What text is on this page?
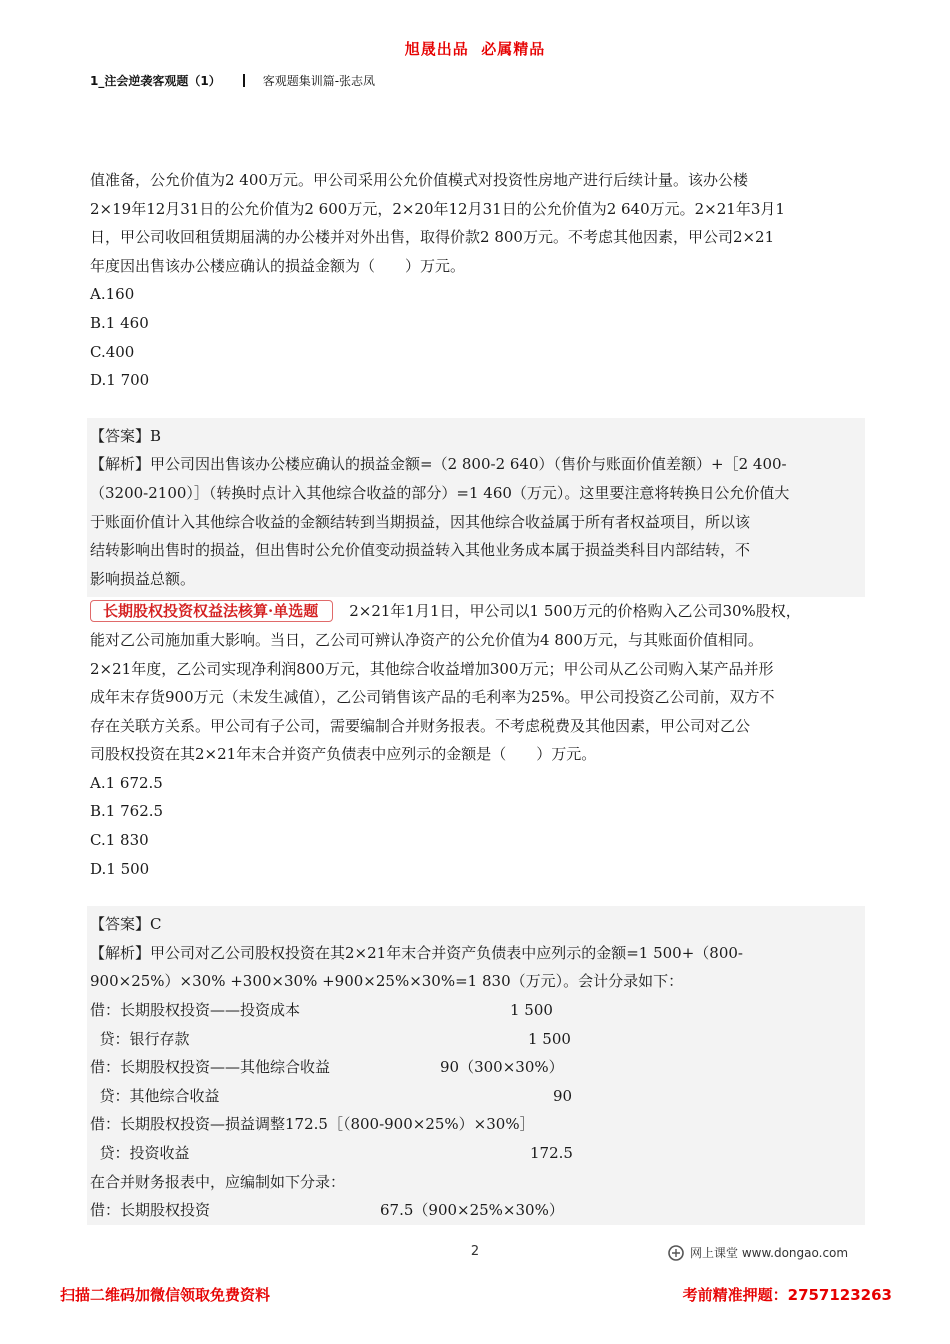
旭晟出品  必属精品
1_注会逆袭客观题（1）	客观题集训篇-张志凤

值准备，公允价值为2 400万元。甲公司采用公允价值模式对投资性房地产进行后续计量。该办公楼

2×19年12月31日的公允价值为2 600万元，2×20年12月31日的公允价值为2 640万元。2×21年3月1

日，甲公司收回租赁期届满的办公楼并对外出售，取得价款2 800万元。不考虑其他因素，甲公司2×21

年度因出售该办公楼应确认的损益金额为（　　）万元。

A.160

B.1 460

C.400

D.1 700

【答案】B

【解析】甲公司因出售该办公楼应确认的损益金额=（2 800-2 640）（售价与账面价值差额）+［2 400-

（3200-2100）］（转换时点计入其他综合收益的部分）=1 460（万元）。这里要注意将转换日公允价值大

于账面价值计入其他综合收益的金额结转到当期损益，因其他综合收益属于所有者权益项目，所以该

结转影响出售时的损益，但出售时公允价值变动损益转入其他业务成本属于损益类科目内部结转，不

影响损益总额。

长期股权投资权益法核算·单选题 2×21年1月1日，甲公司以1 500万元的价格购入乙公司30%股权，

能对乙公司施加重大影响。当日，乙公司可辨认净资产的公允价值为4 800万元，与其账面价值相同。

2×21年度，乙公司实现净利润800万元，其他综合收益增加300万元；甲公司从乙公司购入某产品并形

成年末存货900万元（未发生减值），乙公司销售该产品的毛利率为25%。甲公司投资乙公司前，双方不

存在关联方关系。甲公司有子公司，需要编制合并财务报表。不考虑税费及其他因素，甲公司对乙公

司股权投资在其2×21年末合并资产负债表中应列示的金额是（　　）万元。

A.1 672.5

B.1 762.5

C.1 830

D.1 500

【答案】C

【解析】甲公司对乙公司股权投资在其2×21年末合并资产负债表中应列示的金额=1 500+（800-

900×25%）×30% +300×30% +900×25%×30%=1 830（万元）。会计分录如下：

借：长期股权投资——投资成本	1 500
贷：银行存款	1 500
借：长期股权投资——其他综合收益	90（300×30%）
贷：其他综合收益	90
借：长期股权投资—损益调整172.5［（800-900×25%）×30%］
贷：投资收益	172.5
在合并财务报表中，应编制如下分录：
借：长期股权投资	67.5（900×25%×30%）
2	网上课堂 www.dongao.com
扫描二维码加微信领取免费资料	考前精准押题：2757123263
